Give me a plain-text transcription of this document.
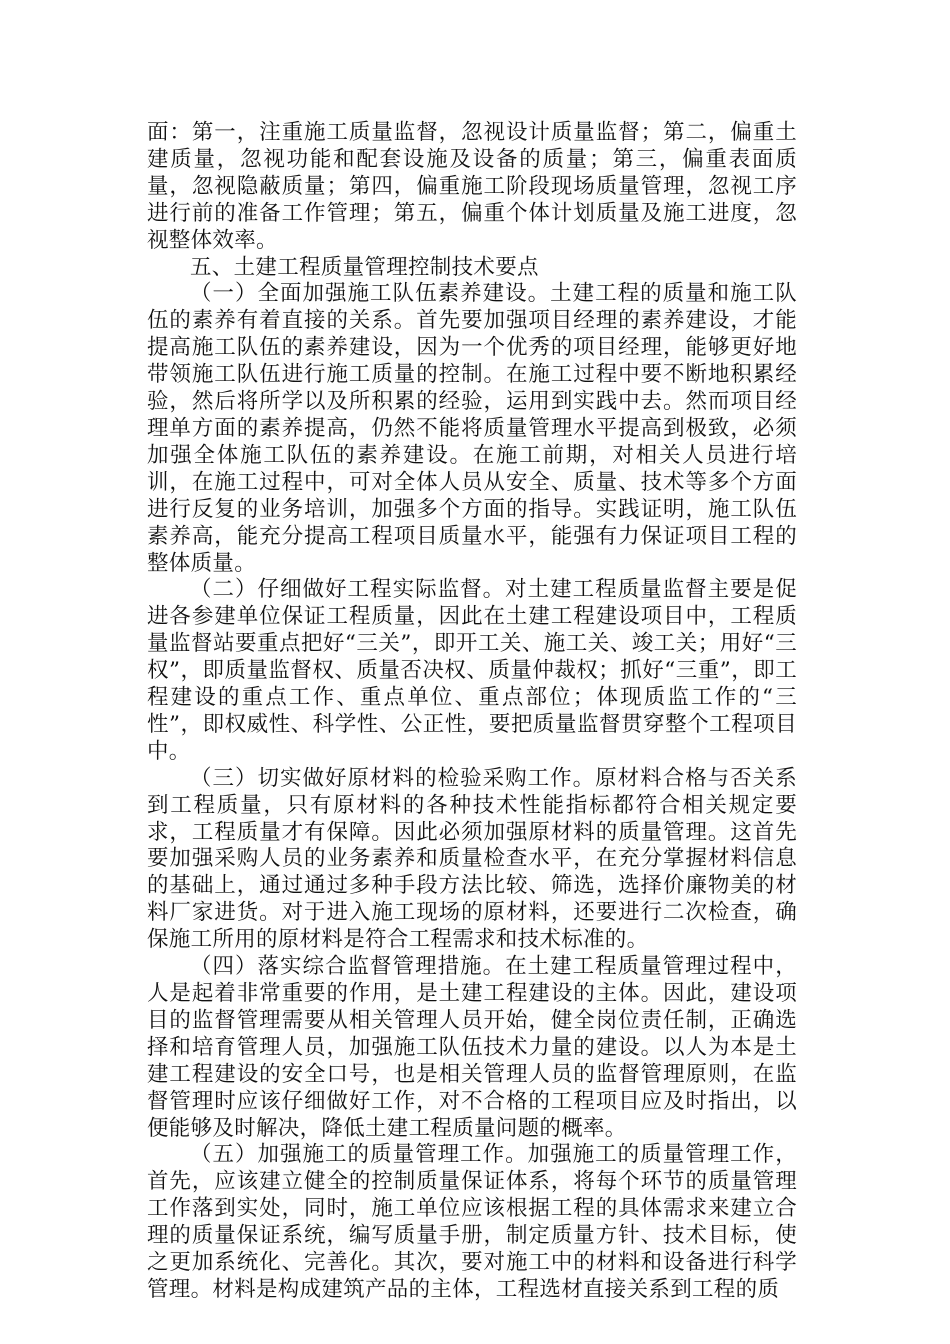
面：第一，注重施工质量监督，忽视设计质量监督；第二，偏重土建质量，忽视功能和配套设施及设备的质量；第三，偏重表面质量，忽视隐蔽质量；第四，偏重施工阶段现场质量管理，忽视工序进行前的准备工作管理；第五，偏重个体计划质量及施工进度，忽视整体效率。

五、土建工程质量管理控制技术要点

（一）全面加强施工队伍素养建设。土建工程的质量和施工队伍的素养有着直接的关系。首先要加强项目经理的素养建设，才能提高施工队伍的素养建设，因为一个优秀的项目经理，能够更好地带领施工队伍进行施工质量的控制。在施工过程中要不断地积累经验，然后将所学以及所积累的经验，运用到实践中去。然而项目经理单方面的素养提高，仍然不能将质量管理水平提高到极致，必须加强全体施工队伍的素养建设。在施工前期，对相关人员进行培训，在施工过程中，可对全体人员从安全、质量、技术等多个方面进行反复的业务培训，加强多个方面的指导。实践证明，施工队伍素养高，能充分提高工程项目质量水平，能强有力保证项目工程的整体质量。

（二）仔细做好工程实际监督。对土建工程质量监督主要是促进各参建单位保证工程质量，因此在土建工程建设项目中，工程质量监督站要重点把好“三关”，即开工关、施工关、竣工关；用好“三权”，即质量监督权、质量否决权、质量仲裁权；抓好“三重”，即工程建设的重点工作、重点单位、重点部位；体现质监工作的“三性”，即权威性、科学性、公正性，要把质量监督贯穿整个工程项目中。

（三）切实做好原材料的检验采购工作。原材料合格与否关系到工程质量，只有原材料的各种技术性能指标都符合相关规定要求，工程质量才有保障。因此必须加强原材料的质量管理。这首先要加强采购人员的业务素养和质量检查水平，在充分掌握材料信息的基础上，通过通过多种手段方法比较、筛选，选择价廉物美的材料厂家进货。对于进入施工现场的原材料，还要进行二次检查，确保施工所用的原材料是符合工程需求和技术标准的。

（四）落实综合监督管理措施。在土建工程质量管理过程中，人是起着非常重要的作用，是土建工程建设的主体。因此，建设项目的监督管理需要从相关管理人员开始，健全岗位责任制，正确选择和培育管理人员，加强施工队伍技术力量的建设。以人为本是土建工程建设的安全口号，也是相关管理人员的监督管理原则，在监督管理时应该仔细做好工作，对不合格的工程项目应及时指出，以便能够及时解决，降低土建工程质量问题的概率。

（五）加强施工的质量管理工作。加强施工的质量管理工作，首先，应该建立健全的控制质量保证体系，将每个环节的质量管理工作落到实处，同时，施工单位应该根据工程的具体需求来建立合理的质量保证系统，编写质量手册，制定质量方针、技术目标，使之更加系统化、完善化。其次，要对施工中的材料和设备进行科学管理。材料是构成建筑产品的主体，工程选材直接关系到工程的质
